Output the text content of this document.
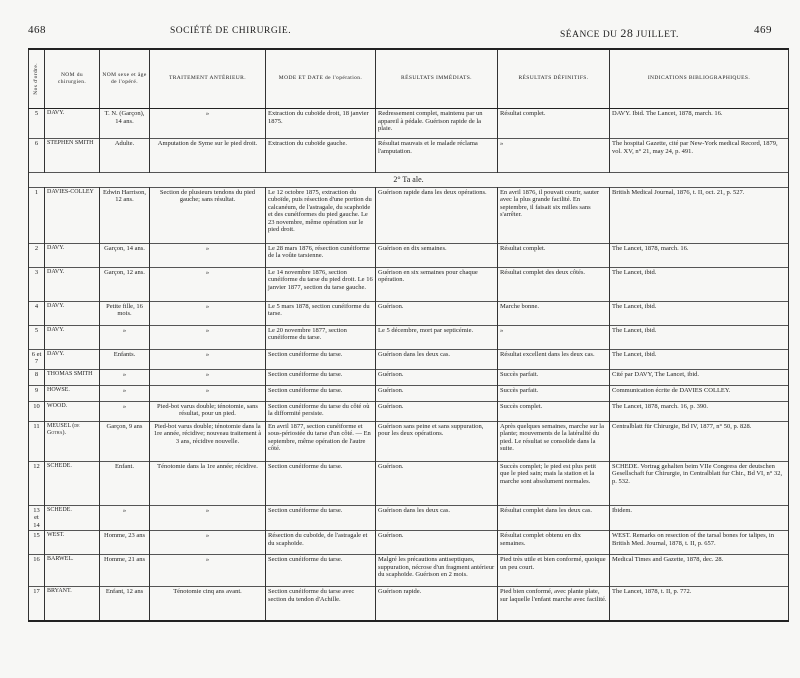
468	SOCIÉTÉ DE CHIRURGIE.	SÉANCE DU 28 JUILLET.	469
Nos d'ordre.	NOM du chirurgien.	NOM sexe et âge de l'opéré.	TRAITEMENT ANTÉRIEUR.	MODE ET DATE de l'opération.	RÉSULTATS IMMÉDIATS.	RÉSULTATS DÉFINITIFS.	INDICATIONS BIBLIOGRAPHIQUES.
5	DAVY.	T. N. (Garçon), 14 ans.	»	Extraction du cuboïde droit, 18 janvier 1875.	Redressement complet, maintenu par un appareil à pédale. Guérison rapide de la plaie.	Résultat complet.	DAVY. Ibid. The Lancet, 1878, march. 16.
6	STEPHEN SMITH	Adulte.	Amputation de Syme sur le pied droit.	Extraction du cuboïde gauche.	Résultat mauvais et le malade réclama l'amputation.	»	The hospital Gazette, cité par New-York medical Record, 1879, vol. XV, n° 21, may 24, p. 491.
2° Ta ale.							
1	DAVIES-COLLEY	Edwin Harrison, 12 ans.	Section de plusieurs tendons du pied gauche; sans résultat.	Le 12 octobre 1875, extraction du cuboïde, puis résection d'une portion du calcanéum, de l'astragale, du scaphoïde et des cunéiformes du pied gauche. Le 23 novembre, même opération sur le pied droit.	Guérison rapide dans les deux opérations.	En avril 1876, il pouvait courir, sauter avec la plus grande facilité. En septembre, il faisait six milles sans s'arrêter.	British Medical Journal, 1876, t. II, oct. 21, p. 527.
2	DAVY.	Garçon, 14 ans.	»	Le 28 mars 1876, résection cunéiforme de la voûte tarsienne.	Guérison en dix semaines.	Résultat complet.	The Lancet, 1878, march. 16.
3	DAVY.	Garçon, 12 ans.	»	Le 14 novembre 1876, section cunéiforme du tarse du pied droit. Le 16 janvier 1877, section du tarse gauche.	Guérison en six semaines pour chaque opération.	Résultat complet des deux côtés.	The Lancet, ibid.
4	DAVY.	Petite fille, 16 mois.	»	Le 5 mars 1878, section cunéiforme du tarse.	Guérison.	Marche bonne.	The Lancet, ibid.
5	DAVY.	»	»	Le 20 novembre 1877, section cunéiforme du tarse.	Le 5 décembre, mort par septicémie.	»	The Lancet, ibid.
6 et 7	DAVY.	Enfants.	»	Section cunéiforme du tarse.	Guérison dans les deux cas.	Résultat excellent dans les deux cas.	The Lancet, ibid.
8	THOMAS SMITH	»	»	Section cunéiforme du tarse.	Guérison.	Succès parfait.	Cité par DAVY, The Lancet, ibid.
9	HOWSE.	»	»	Section cunéiforme du tarse.	Guérison.	Succès parfait.	Communication écrite de DAVIES COLLEY.
10	WOOD.	»	Pied-bot varus double; ténotomie, sans résultat, pour un pied.	Section cunéiforme du tarse du côté où la difformité persiste.	Guérison.	Succès complet.	The Lancet, 1878, march. 16, p. 390.
11	MEUSEL (de Gotha).	Garçon, 9 ans	Pied-bot varus double; ténotomie dans la 1re année, récidive; nouveau traitement à 3 ans, récidive nouvelle.	En avril 1877, section cunéiforme et sous-périostée du tarse d'un côté. — En septembre, même opération de l'autre côté.	Guérison sans peine et sans suppuration, pour les deux opérations.	Après quelques semaines, marche sur la plante; mouvements de la latéralité du pied. Le résultat se consolide dans la suite.	Centralblatt für Chirurgie, Bd IV, 1877, n° 50, p. 828.
12	SCHEDE.	Enfant.	Ténotomie dans la 1re année; récidive.	Section cunéiforme du tarse.	Guérison.	Succès complet; le pied est plus petit que le pied sain; mais la station et la marche sont absolument normales.	SCHEDE. Vortrag gehalten beim VIIe Congress der deutschen Gesellschaft fur Chirurgie, in Centralblatt fur Chir., Bd VI, n° 32, p. 532.
13 et 14	SCHEDE.	»	»	Section cunéiforme du tarse.	Guérison dans les deux cas.	Résultat complet dans les deux cas.	Ibidem.
15	WEST.	Homme, 23 ans	»	Résection du cuboïde, de l'astragale et du scaphoïde.	Guérison.	Résultat complet obtenu en dix semaines.	WEST. Remarks on resection of the tarsal bones for talipes, in British Med. Journal, 1878, t. II, p. 657.
16	BARWEL.	Homme, 21 ans	»	Section cunéiforme du tarse.	Malgré les précautions antiseptiques, suppuration, nécrose d'un fragment antérieur du scaphoïde. Guérison en 2 mois.	Pied très utile et bien conformé, quoique un peu court.	Medical Times and Gazette, 1878, dec. 28.
17	BRYANT.	Enfant, 12 ans	Ténotomie cinq ans avant.	Section cunéiforme du tarse avec section du tendon d'Achille.	Guérison rapide.	Pied bien conformé, avec plante plate, sur laquelle l'enfant marche avec facilité.	The Lancet, 1878, t. II, p. 772.
